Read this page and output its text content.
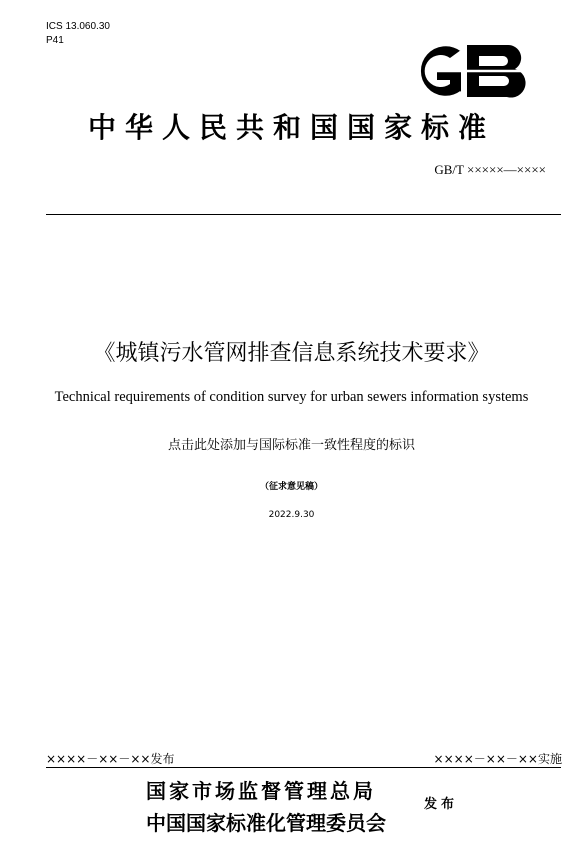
ICS 13.060.30
P41
中华人民共和国国家标准
GB/T ×××××—××××
《城镇污水管网排查信息系统技术要求》
Technical requirements of condition survey for urban sewers information systems
点击此处添加与国际标准一致性程度的标识
（征求意见稿）
2022.9.30
××××－××－××发布	××××－××－××实施
国家市场监督管理总局
中国国家标准化管理委员会
发布
